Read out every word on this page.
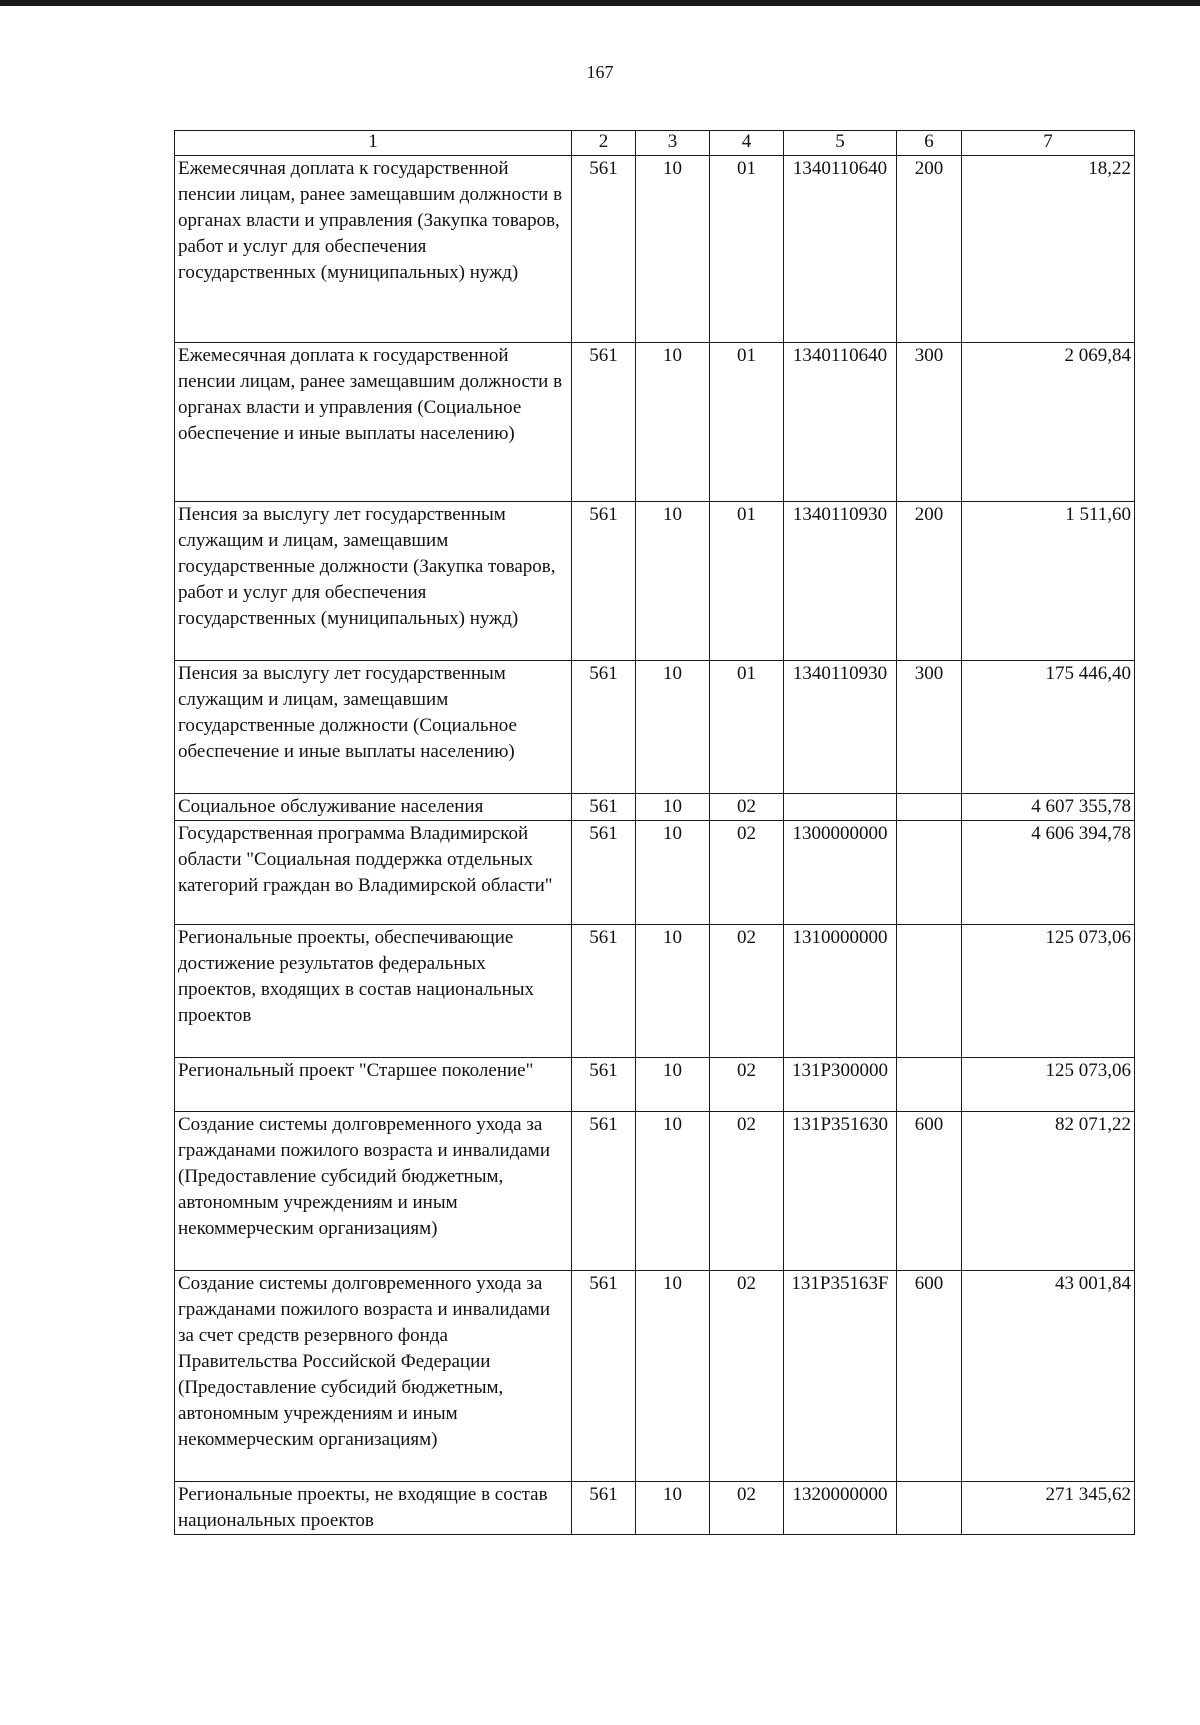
167
1	2	3	4	5	6	7
Ежемесячная доплата к государственной пенсии лицам, ранее замещавшим должности в органах власти и управления (Закупка товаров, работ и услуг для обеспечения государственных (муниципальных) нужд)	561	10	01	1340110640	200	18,22
Ежемесячная доплата к государственной пенсии лицам, ранее замещавшим должности в органах власти и управления (Социальное обеспечение и иные выплаты населению)	561	10	01	1340110640	300	2 069,84
Пенсия за выслугу лет государственным служащим и лицам, замещавшим государственные должности (Закупка товаров, работ и услуг для обеспечения государственных (муниципальных) нужд)	561	10	01	1340110930	200	1 511,60
Пенсия за выслугу лет государственным служащим и лицам, замещавшим государственные должности (Социальное обеспечение и иные выплаты населению)	561	10	01	1340110930	300	175 446,40
Социальное обслуживание населения	561	10	02			4 607 355,78
Государственная программа Владимирской области "Социальная поддержка отдельных категорий граждан во Владимирской области"	561	10	02	1300000000		4 606 394,78
Региональные проекты, обеспечивающие достижение результатов федеральных проектов, входящих в состав национальных проектов	561	10	02	1310000000		125 073,06
Региональный проект "Старшее поколение"	561	10	02	131P300000		125 073,06
Создание системы долговременного ухода за гражданами пожилого возраста и инвалидами (Предоставление субсидий бюджетным, автономным учреждениям и иным некоммерческим организациям)	561	10	02	131P351630	600	82 071,22
Создание системы долговременного ухода за гражданами пожилого возраста и инвалидами за счет средств резервного фонда Правительства Российской Федерации (Предоставление субсидий бюджетным, автономным учреждениям и иным некоммерческим организациям)	561	10	02	131P35163F	600	43 001,84
Региональные проекты, не входящие в состав национальных проектов	561	10	02	1320000000		271 345,62
